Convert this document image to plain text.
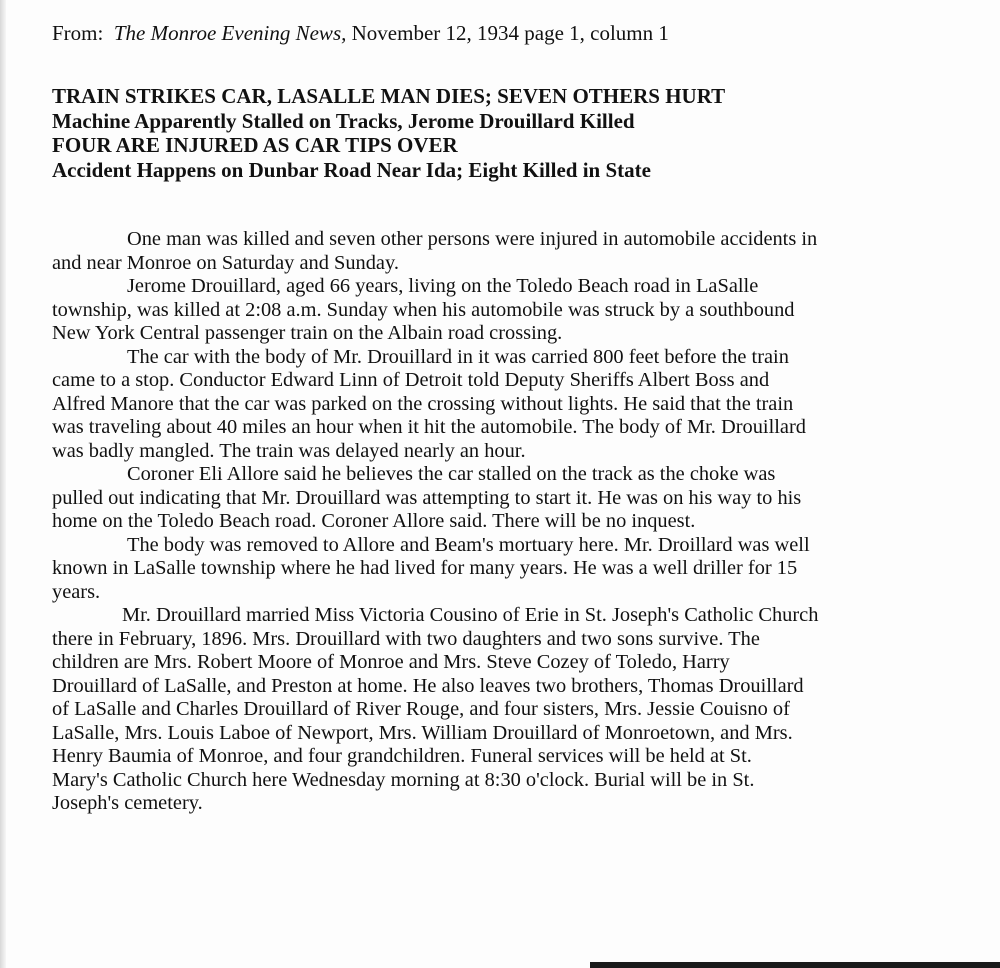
From: The Monroe Evening News, November 12, 1934 page 1, column 1
TRAIN STRIKES CAR, LASALLE MAN DIES; SEVEN OTHERS HURT
Machine Apparently Stalled on Tracks, Jerome Drouillard Killed
FOUR ARE INJURED AS CAR TIPS OVER
Accident Happens on Dunbar Road Near Ida; Eight Killed in State
One man was killed and seven other persons were injured in automobile accidents in
and near Monroe on Saturday and Sunday.
Jerome Drouillard, aged 66 years, living on the Toledo Beach road in LaSalle
township, was killed at 2:08 a.m. Sunday when his automobile was struck by a southbound
New York Central passenger train on the Albain road crossing.
The car with the body of Mr. Drouillard in it was carried 800 feet before the train
came to a stop. Conductor Edward Linn of Detroit told Deputy Sheriffs Albert Boss and
Alfred Manore that the car was parked on the crossing without lights. He said that the train
was traveling about 40 miles an hour when it hit the automobile. The body of Mr. Drouillard
was badly mangled. The train was delayed nearly an hour.
Coroner Eli Allore said he believes the car stalled on the track as the choke was
pulled out indicating that Mr. Drouillard was attempting to start it. He was on his way to his
home on the Toledo Beach road. Coroner Allore said. There will be no inquest.
The body was removed to Allore and Beam's mortuary here. Mr. Droillard was well
known in LaSalle township where he had lived for many years. He was a well driller for 15
years.
Mr. Drouillard married Miss Victoria Cousino of Erie in St. Joseph's Catholic Church
there in February, 1896. Mrs. Drouillard with two daughters and two sons survive. The
children are Mrs. Robert Moore of Monroe and Mrs. Steve Cozey of Toledo, Harry
Drouillard of LaSalle, and Preston at home. He also leaves two brothers, Thomas Drouillard
of LaSalle and Charles Drouillard of River Rouge, and four sisters, Mrs. Jessie Couisno of
LaSalle, Mrs. Louis Laboe of Newport, Mrs. William Drouillard of Monroetown, and Mrs.
Henry Baumia of Monroe, and four grandchildren. Funeral services will be held at St.
Mary's Catholic Church here Wednesday morning at 8:30 o'clock. Burial will be in St.
Joseph's cemetery.
